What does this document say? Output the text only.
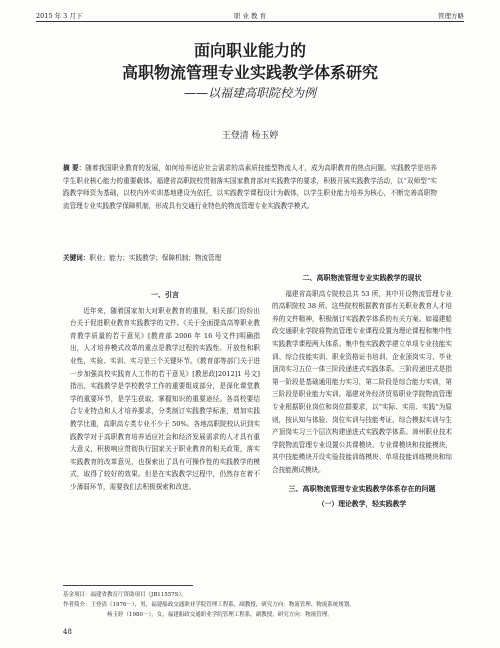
2015 年 3 月下	职 业 教 育	管理方略
面向职业能力的
高职物流管理专业实践教学体系研究
——以福建高职院校为例
王登清 杨玉婷
摘 要：随着我国职业教育的发展，如何培养适应社会需求的高素质技能型物流人才，成为高职教育的热点问题。实践教学是培养学生职业核心能力的重要载体。福建省高职院校贯彻落实国家教育部对实践教学的要求，积极开展实践教学活动，以“双师型”实践教学师资为基础，以校内外实训基地建设为依托，以实践教学课程设计为载体，以学生职业能力培养为核心，不断完善高职物流管理专业实践教学保障机制，形成具有交通行业特色的物流管理专业实践教学模式。
关键词：职业；能力；实践教学；保障机制；物流管理
一、引言

近年来，随着国家加大对职业教育的重视，相关部门纷纷出台关于促进职业教育实践教学的文件。《关于全面提高高等职业教育教学质量的若干意见》[教育部 2006 年 16 号文件]明确指出，人才培养模式改革的重点是教学过程的实践性、开放性和职业性，实验、实训、实习是三个关键环节。《教育部等部门关于进一步加强高校实践育人工作的若干意见》[教思政[2012]1 号文]指出，实践教学是学校教学工作的重要组成部分，是深化课堂教学的重要环节，是学生获取、掌握知识的重要途径。各高校要结合专业特点和人才培养要求，分类制订实践教学标准，增加实践教学比重，高职高专类专业不少于 50%。各地高职院校认识到实践教学对于高职教育培养适应社会和经济发展需求的人才具有重大意义，积极响应贯彻执行国家关于职业教育的相关政策，落实实践教育的改革意见，也探索出了具有可操作性的实践教学的模式，取得了较好的效果。但是在实践教学过程中，仍然存在着不少薄弱环节，需要我们去积极探索和改进。

二、高职物流管理专业实践教学的现状

福建省高职高专院校总共 53 所，其中开设物流管理专业的高职院校 38 所。这些院校根据教育部有关职业教育人才培养的文件精神，积极制订实践教学体系的有关方案。如福建船政交通职业学院将物流管理专业课程设置为理论课程和集中性实践教学课程两大体系。集中性实践教学建立单项专业技能实训、综合技能实训、职业资格证书培训、企业顶岗实习、毕业顶岗实习五位一体三阶段递进式实践体系。三阶段递进式是指第一阶段是基础通用能力实习，第二阶段是综合能力实训，第三阶段是职业能力实训。福建对外经济贸易职业学院物流管理专业根据职业岗位和岗位群要求，以“实际、实用、实践”为原则，按认知与体验、岗位实训与技能考证、综合模拟实训与生产顶岗实习三个层次构建递进式实践教学体系。漳州职业技术学院物流管理专业设置公共课模块、专业课模块和技能模块，其中技能模块开设实验技能训练模块、单项技能训练模块和综合技能测试模块。

三、高职物流管理专业实践教学体系存在的问题
（一）理论教学，轻实践教学
基金项目：福建省教育厅资助项目（JB11557S）。
作者简介：王登清（1976－），男，福建船政交通职业学院管理工程系，副教授，研究方向：物流管理、物流系统规划。
杨玉婷（1980－），女，福建船政交通职业学院管理工程系，副教授，研究方向：物流管理。
48
